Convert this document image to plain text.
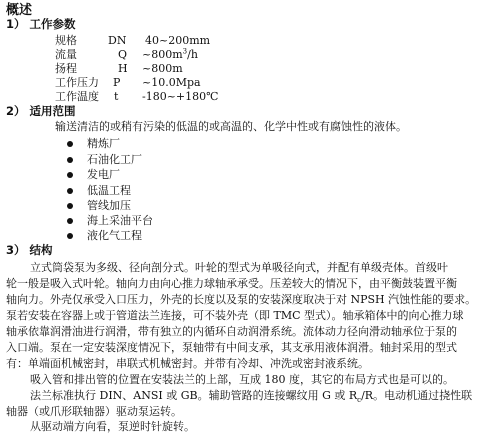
概述
1） 工作参数
规格	DN 40~200mm
流量	Q $\sim 800m^3/h$
扬程	H ~800m
工作压力 P ~10.0Mpa
工作温度 t -180~+180℃
2） 适用范围
输送清洁的或稍有污染的低温的或高温的、化学中性或有腐蚀性的液体。
精炼厂
石油化工厂
发电厂
低温工程
管线加压
海上采油平台
液化气工程
3） 结构
立式筒袋泵为多级、径向剖分式。叶轮的型式为单吸径向式，并配有单级壳体。首级叶
轮一般是吸入式叶轮。轴向力由向心推力球轴承承受。压差较大的情况下，由平衡鼓装置平衡
轴向力。外壳仅承受入口压力，外壳的长度以及泵的安装深度取决于对 NPSH 汽蚀性能的要求。
泵若安装在容器上或于管道法兰连接，可不装外壳（即 TMC 型式）。轴承箱体中的向心推力球
轴承依靠润滑油进行润滑，带有独立的内循环自动润滑系统。流体动力径向滑动轴承位于泵的
入口端。泵在一定安装深度情况下，泵轴带有中间支承，其支承用液体润滑。轴封采用的型式
有：单端面机械密封，串联式机械密封。并带有冷却、冲洗或密封液系统。
吸入管和排出管的位置在安装法兰的上部，互成 180 度，其它的布局方式也是可以的。
法兰标准执行 DIN、ANSI 或 GB。辅助管路的连接螺纹用 G 或 $R_c/R$。电动机通过挠性联
轴器（或爪形联轴器）驱动泵运转。
从驱动端方向看，泵逆时针旋转。
